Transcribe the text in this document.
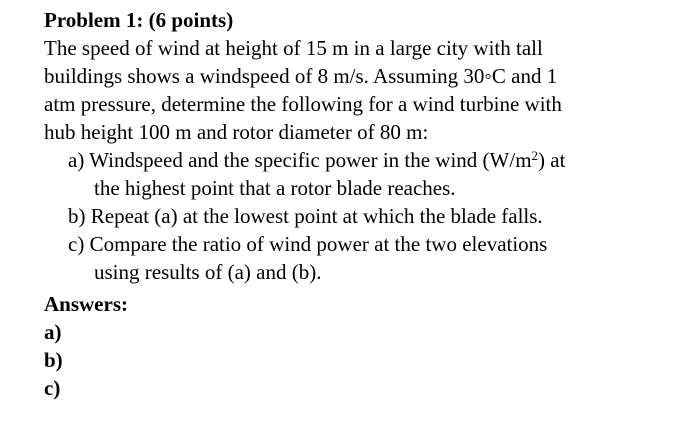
Problem 1: (6 points)
The speed of wind at height of 15 m in a large city with tall
buildings shows a windspeed of 8 m/s. Assuming 30◦C and 1
atm pressure, determine the following for a wind turbine with
hub height 100 m and rotor diameter of 80 m:
a) Windspeed and the specific power in the wind $(W/m^2)$ at
the highest point that a rotor blade reaches.
b) Repeat (a) at the lowest point at which the blade falls.
c) Compare the ratio of wind power at the two elevations
using results of (a) and (b).
Answers:
a)
b)
c)
